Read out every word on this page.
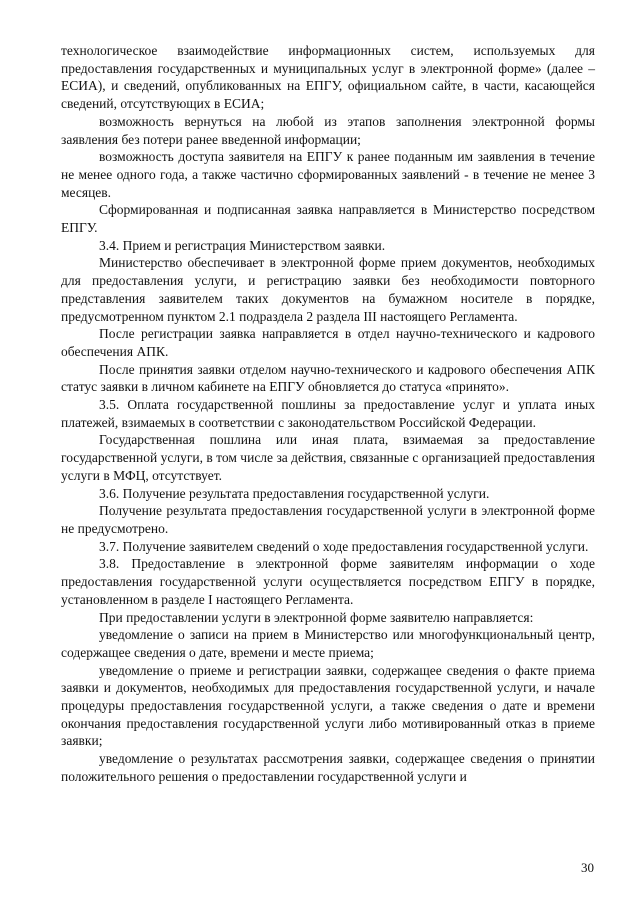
технологическое взаимодействие информационных систем, используемых для предоставления государственных и муниципальных услуг в электронной форме» (далее – ЕСИА), и сведений, опубликованных на ЕПГУ, официальном сайте, в части, касающейся сведений, отсутствующих в ЕСИА;

возможность вернуться на любой из этапов заполнения электронной формы заявления без потери ранее введенной информации;

возможность доступа заявителя на ЕПГУ к ранее поданным им заявления в течение не менее одного года, а также частично сформированных заявлений - в течение не менее 3 месяцев.

Сформированная и подписанная заявка направляется в Министерство посредством ЕПГУ.

3.4. Прием и регистрация Министерством заявки.

Министерство обеспечивает в электронной форме прием документов, необходимых для предоставления услуги, и регистрацию заявки без необходимости повторного представления заявителем таких документов на бумажном носителе в порядке, предусмотренном пунктом 2.1 подраздела 2 раздела III настоящего Регламента.

После регистрации заявка направляется в отдел научно-технического и кадрового обеспечения АПК.

После принятия заявки отделом научно-технического и кадрового обеспечения АПК статус заявки в личном кабинете на ЕПГУ обновляется до статуса «принято».

3.5. Оплата государственной пошлины за предоставление услуг и уплата иных платежей, взимаемых в соответствии с законодательством Российской Федерации.

Государственная пошлина или иная плата, взимаемая за предоставление государственной услуги, в том числе за действия, связанные с организацией предоставления услуги в МФЦ, отсутствует.

3.6. Получение результата предоставления государственной услуги.

Получение результата предоставления государственной услуги в электронной форме не предусмотрено.

3.7. Получение заявителем сведений о ходе предоставления государственной услуги.

3.8. Предоставление в электронной форме заявителям информации о ходе предоставления государственной услуги осуществляется посредством ЕПГУ в порядке, установленном в разделе I настоящего Регламента.

При предоставлении услуги в электронной форме заявителю направляется:

уведомление о записи на прием в Министерство или многофункциональный центр, содержащее сведения о дате, времени и месте приема;

уведомление о приеме и регистрации заявки, содержащее сведения о факте приема заявки и документов, необходимых для предоставления государственной услуги, и начале процедуры предоставления государственной услуги, а также сведения о дате и времени окончания предоставления государственной услуги либо мотивированный отказ в приеме заявки;

уведомление о результатах рассмотрения заявки, содержащее сведения о принятии положительного решения о предоставлении государственной услуги и

30
